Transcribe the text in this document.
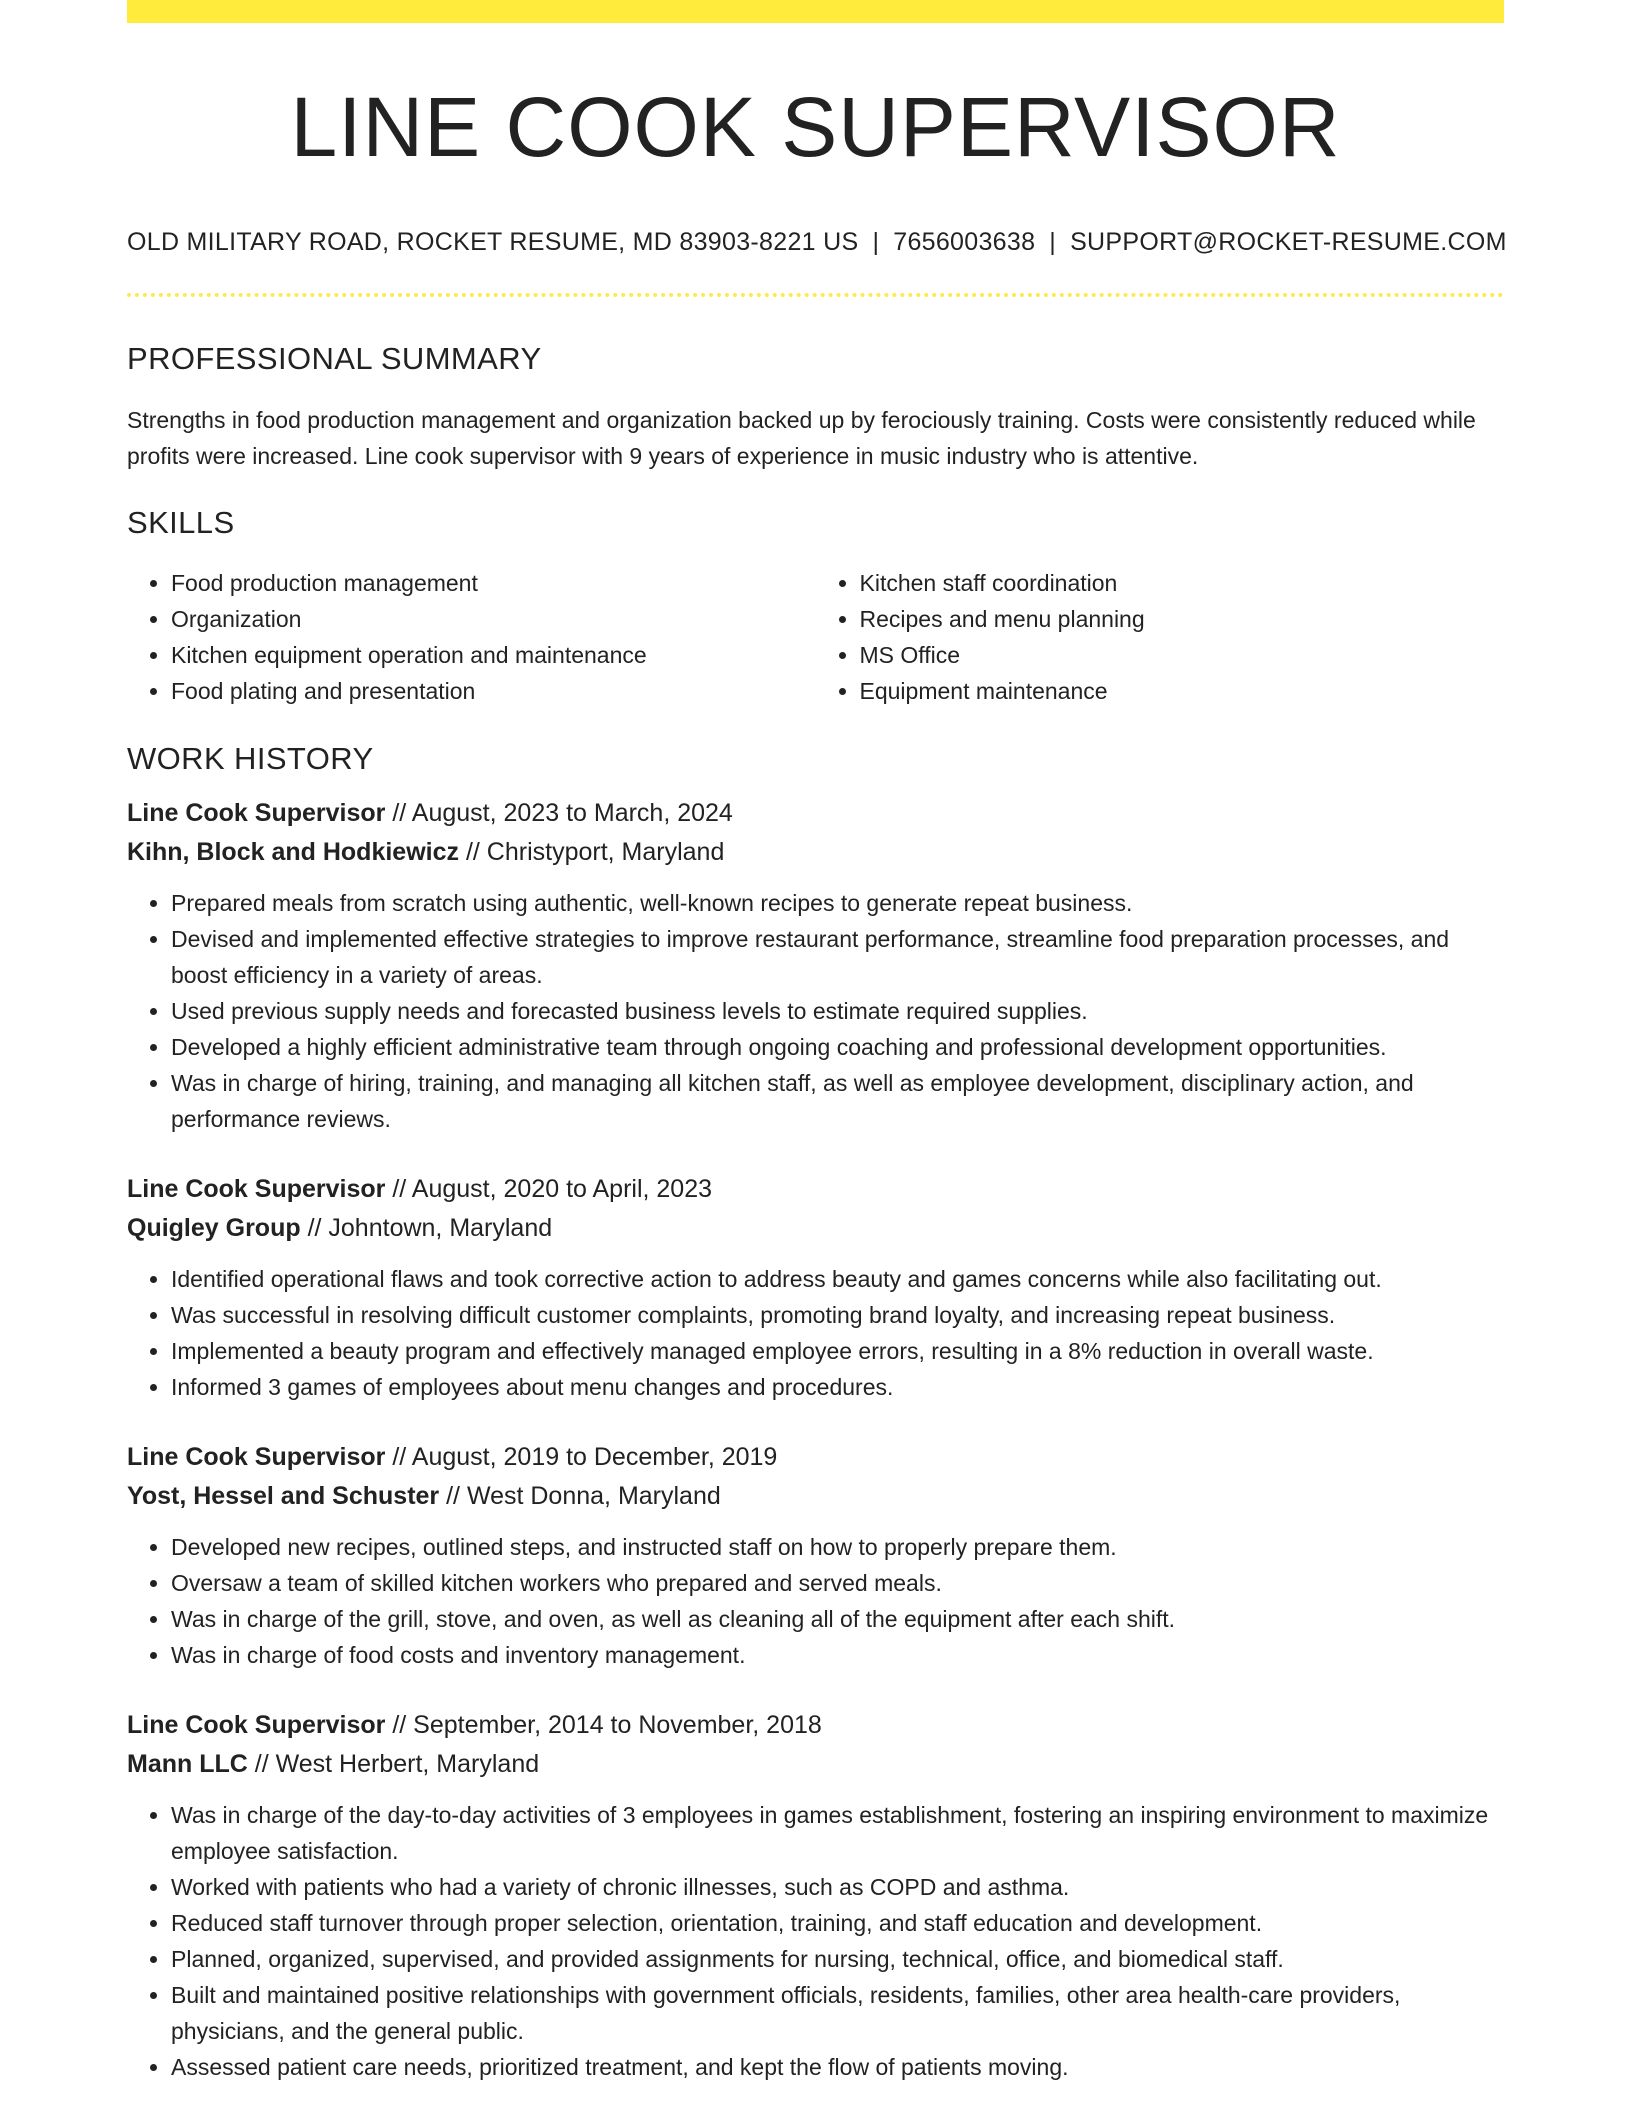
LINE COOK SUPERVISOR
OLD MILITARY ROAD, ROCKET RESUME, MD 83903-8221 US | 7656003638 | SUPPORT@ROCKET-RESUME.COM
PROFESSIONAL SUMMARY
Strengths in food production management and organization backed up by ferociously training. Costs were consistently reduced while profits were increased. Line cook supervisor with 9 years of experience in music industry who is attentive.
SKILLS
• Food production management
• Organization
• Kitchen equipment operation and maintenance
• Food plating and presentation
• Kitchen staff coordination
• Recipes and menu planning
• MS Office
• Equipment maintenance
WORK HISTORY
Line Cook Supervisor // August, 2023 to March, 2024
Kihn, Block and Hodkiewicz // Christyport, Maryland
• Prepared meals from scratch using authentic, well-known recipes to generate repeat business.
• Devised and implemented effective strategies to improve restaurant performance, streamline food preparation processes, and boost efficiency in a variety of areas.
• Used previous supply needs and forecasted business levels to estimate required supplies.
• Developed a highly efficient administrative team through ongoing coaching and professional development opportunities.
• Was in charge of hiring, training, and managing all kitchen staff, as well as employee development, disciplinary action, and performance reviews.
Line Cook Supervisor // August, 2020 to April, 2023
Quigley Group // Johntown, Maryland
• Identified operational flaws and took corrective action to address beauty and games concerns while also facilitating out.
• Was successful in resolving difficult customer complaints, promoting brand loyalty, and increasing repeat business.
• Implemented a beauty program and effectively managed employee errors, resulting in a 8% reduction in overall waste.
• Informed 3 games of employees about menu changes and procedures.
Line Cook Supervisor // August, 2019 to December, 2019
Yost, Hessel and Schuster // West Donna, Maryland
• Developed new recipes, outlined steps, and instructed staff on how to properly prepare them.
• Oversaw a team of skilled kitchen workers who prepared and served meals.
• Was in charge of the grill, stove, and oven, as well as cleaning all of the equipment after each shift.
• Was in charge of food costs and inventory management.
Line Cook Supervisor // September, 2014 to November, 2018
Mann LLC // West Herbert, Maryland
• Was in charge of the day-to-day activities of 3 employees in games establishment, fostering an inspiring environment to maximize employee satisfaction.
• Worked with patients who had a variety of chronic illnesses, such as COPD and asthma.
• Reduced staff turnover through proper selection, orientation, training, and staff education and development.
• Planned, organized, supervised, and provided assignments for nursing, technical, office, and biomedical staff.
• Built and maintained positive relationships with government officials, residents, families, other area health-care providers, physicians, and the general public.
• Assessed patient care needs, prioritized treatment, and kept the flow of patients moving.
